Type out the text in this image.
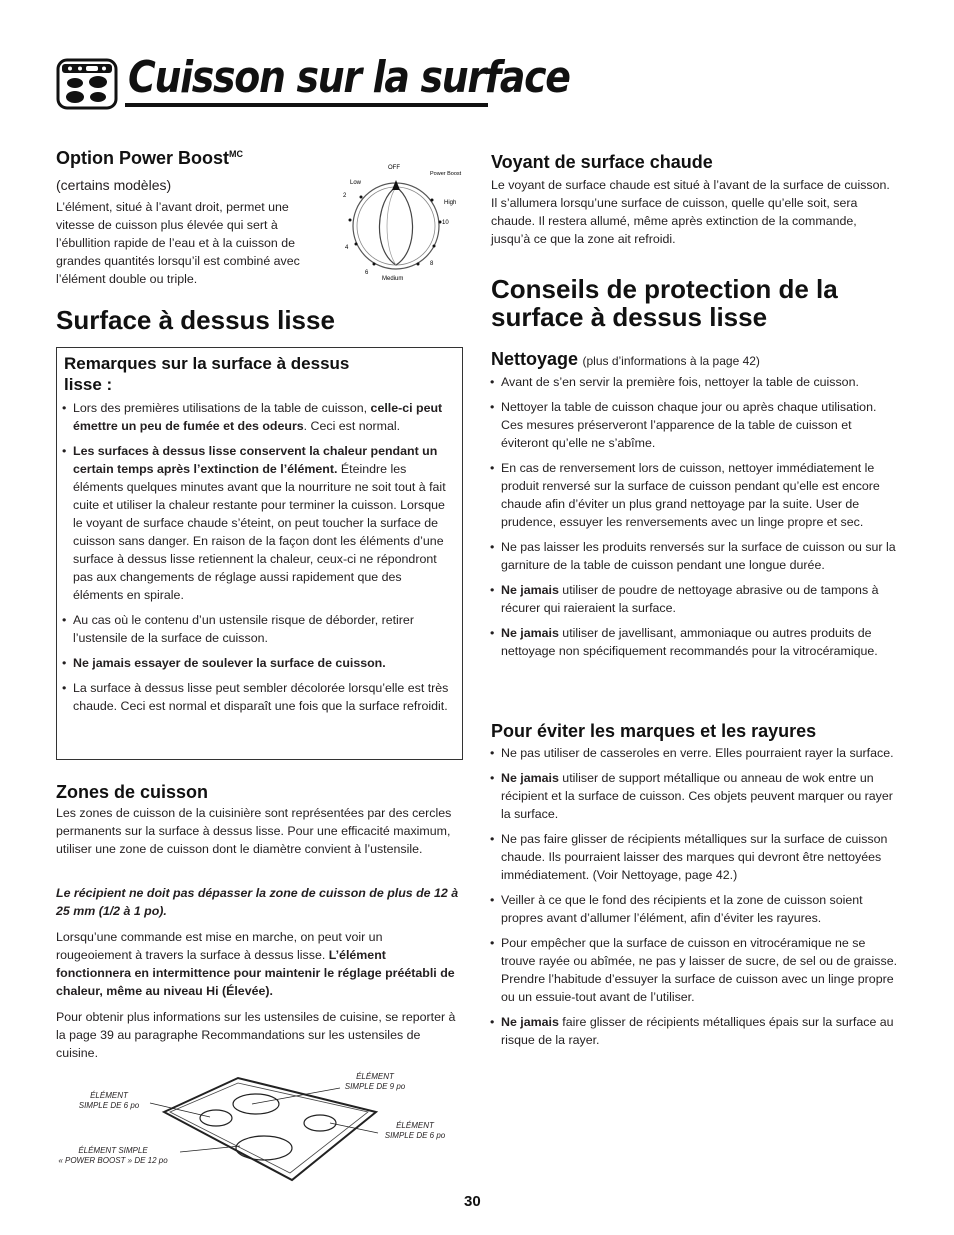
Cuisson sur la surface
Option Power Boost$^{MC}$
(certains modèles)
L’élément, situé à l’avant droit, permet une vitesse de cuisson plus élevée qui sert à l’ébullition rapide de l’eau et à la cuisson de grandes quantités lorsqu’il est combiné avec l’élément double ou triple.
OFF
Low
2
4
6
Medium
8
10
High
Power Boost
Surface à dessus lisse
Remarques sur la surface à dessus lisse :
• Lors des premières utilisations de la table de cuisson, celle-ci peut émettre un peu de fumée et des odeurs. Ceci est normal.
• Les surfaces à dessus lisse conservent la chaleur pendant un certain temps après l’extinction de l’élément. Éteindre les éléments quelques minutes avant que la nourriture ne soit tout à fait cuite et utiliser la chaleur restante pour terminer la cuisson. Lorsque le voyant de surface chaude s’éteint, on peut toucher la surface de cuisson sans danger. En raison de la façon dont les éléments d’une surface à dessus lisse retiennent la chaleur, ceux-ci ne répondront pas aux changements de réglage aussi rapidement que des éléments en spirale.
• Au cas où le contenu d’un ustensile risque de déborder, retirer l’ustensile de la surface de cuisson.
• Ne jamais essayer de soulever la surface de cuisson.
• La surface à dessus lisse peut sembler décolorée lorsqu’elle est très chaude. Ceci est normal et disparaît une fois que la surface refroidit.
Zones de cuisson
Les zones de cuisson de la cuisinière sont représentées par des cercles permanents sur la surface à dessus lisse. Pour une efficacité maximum, utiliser une zone de cuisson dont le diamètre convient à l’ustensile.
Le récipient ne doit pas dépasser la zone de cuisson de plus de 12 à 25 mm (1/2 à 1 po).
Lorsqu’une commande est mise en marche, on peut voir un rougeoiement à travers la surface à dessus lisse. L’élément fonctionnera en intermittence pour maintenir le réglage préétabli de chaleur, même au niveau Hi (Élevée).
Pour obtenir plus informations sur les ustensiles de cuisine, se reporter à la page 39 au paragraphe Recommandations sur les ustensiles de cuisine.
ÉLÉMENT
SIMPLE DE 6 po
ÉLÉMENT
SIMPLE DE 9 po
ÉLÉMENT
SIMPLE DE 6 po
ÉLÉMENT SIMPLE
« POWER BOOST » DE 12 po
Voyant de surface chaude
Le voyant de surface chaude est situé à l’avant de la surface de cuisson. Il s’allumera lorsqu’une surface de cuisson, quelle qu’elle soit, sera chaude. Il restera allumé, même après extinction de la commande, jusqu’à ce que la zone ait refroidi.
Conseils de protection de la surface à dessus lisse
Nettoyage (plus d’informations à la page 42)
• Avant de s’en servir la première fois, nettoyer la table de cuisson.
• Nettoyer la table de cuisson chaque jour ou après chaque utilisation. Ces mesures préserveront l’apparence de la table de cuisson et éviteront qu’elle ne s’abîme.
• En cas de renversement lors de cuisson, nettoyer immédiatement le produit renversé sur la surface de cuisson pendant qu’elle est encore chaude afin d’éviter un plus grand nettoyage par la suite. User de prudence, essuyer les renversements avec un linge propre et sec.
• Ne pas laisser les produits renversés sur la surface de cuisson ou sur la garniture de la table de cuisson pendant une longue durée.
• Ne jamais utiliser de poudre de nettoyage abrasive ou de tampons à récurer qui raieraient la surface.
• Ne jamais utiliser de javellisant, ammoniaque ou autres produits de nettoyage non spécifiquement recommandés pour la vitrocéramique.
Pour éviter les marques et les rayures
• Ne pas utiliser de casseroles en verre. Elles pourraient rayer la surface.
• Ne jamais utiliser de support métallique ou anneau de wok entre un récipient et la surface de cuisson. Ces objets peuvent marquer ou rayer la surface.
• Ne pas faire glisser de récipients métalliques sur la surface de cuisson chaude. Ils pourraient laisser des marques qui devront être nettoyées immédiatement. (Voir Nettoyage, page 42.)
• Veiller à ce que le fond des récipients et la zone de cuisson soient propres avant d’allumer l’élément, afin d’éviter les rayures.
• Pour empêcher que la surface de cuisson en vitrocéramique ne se trouve rayée ou abîmée, ne pas y laisser de sucre, de sel ou de graisse. Prendre l’habitude d’essuyer la surface de cuisson avec un linge propre ou un essuie-tout avant de l’utiliser.
• Ne jamais faire glisser de récipients métalliques épais sur la surface au risque de la rayer.
30
